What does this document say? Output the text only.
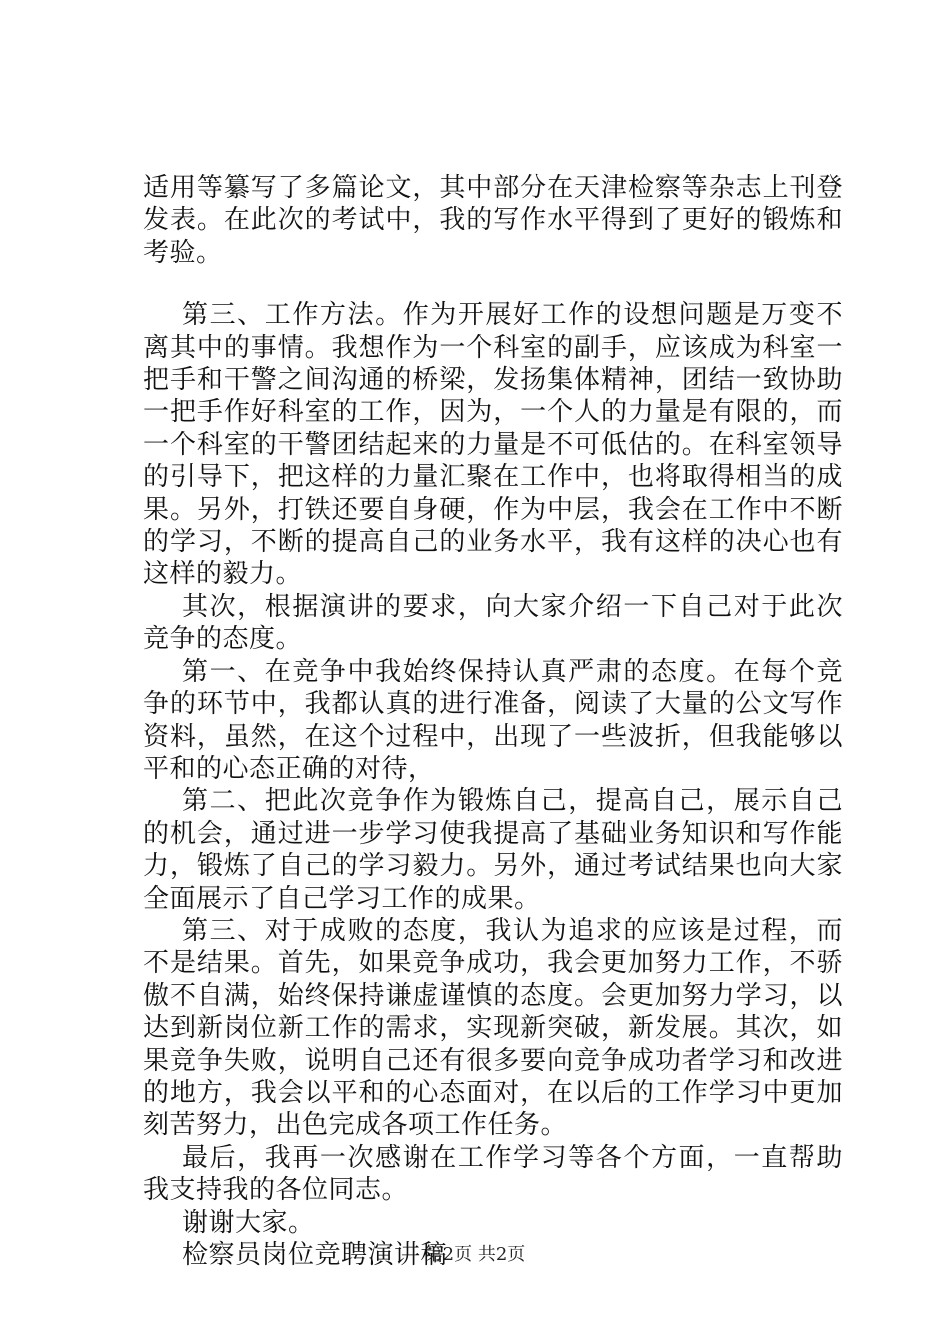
适用等纂写了多篇论文，其中部分在天津检察等杂志上刊登发表。在此次的考试中，我的写作水平得到了更好的锻炼和考验。

第三、工作方法。作为开展好工作的设想问题是万变不离其中的事情。我想作为一个科室的副手，应该成为科室一把手和干警之间沟通的桥梁，发扬集体精神，团结一致协助一把手作好科室的工作，因为，一个人的力量是有限的，而一个科室的干警团结起来的力量是不可低估的。在科室领导的引导下，把这样的力量汇聚在工作中，也将取得相当的成果。另外，打铁还要自身硬，作为中层，我会在工作中不断的学习，不断的提高自己的业务水平，我有这样的决心也有这样的毅力。

其次，根据演讲的要求，向大家介绍一下自己对于此次竞争的态度。

第一、在竞争中我始终保持认真严肃的态度。在每个竞争的环节中，我都认真的进行准备，阅读了大量的公文写作资料，虽然，在这个过程中，出现了一些波折，但我能够以平和的心态正确的对待，

第二、把此次竞争作为锻炼自己，提高自己，展示自己的机会，通过进一步学习使我提高了基础业务知识和写作能力，锻炼了自己的学习毅力。另外，通过考试结果也向大家全面展示了自己学习工作的成果。

第三、对于成败的态度，我认为追求的应该是过程，而不是结果。首先，如果竞争成功，我会更加努力工作，不骄傲不自满，始终保持谦虚谨慎的态度。会更加努力学习，以达到新岗位新工作的需求，实现新突破，新发展。其次，如果竞争失败，说明自己还有很多要向竞争成功者学习和改进的地方，我会以平和的心态面对，在以后的工作学习中更加刻苦努力，出色完成各项工作任务。

最后，我再一次感谢在工作学习等各个方面，一直帮助我支持我的各位同志。

谢谢大家。

检察员岗位竞聘演讲稿

第2页 共2页
